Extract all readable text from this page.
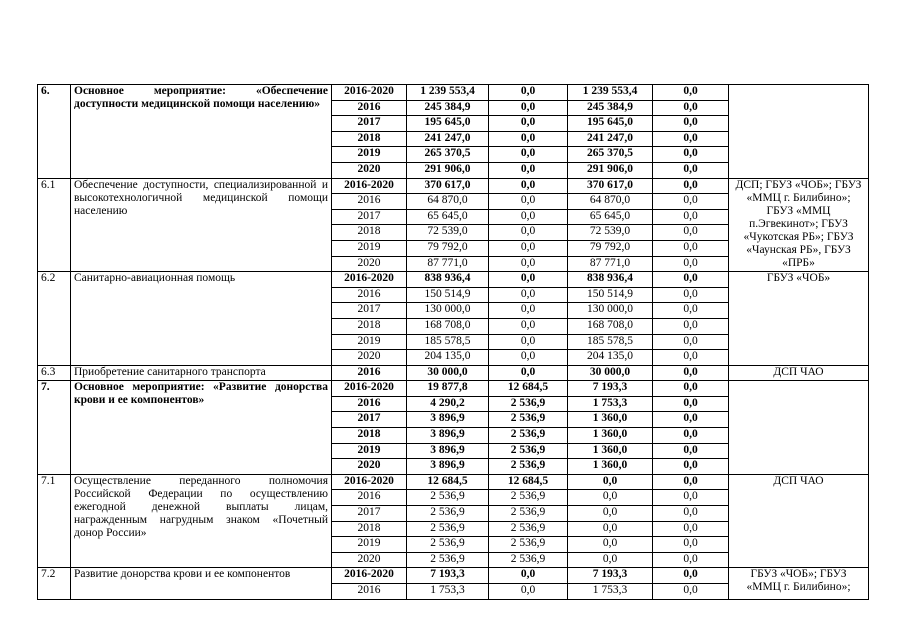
6.	Основное мероприятие: «Обеспечение доступности медицинской помощи населению»	2016-2020	1 239 553,4	0,0	1 239 553,4	0,0	
		2016	245 384,9	0,0	245 384,9	0,0	
		2017	195 645,0	0,0	195 645,0	0,0	
		2018	241 247,0	0,0	241 247,0	0,0	
		2019	265 370,5	0,0	265 370,5	0,0	
		2020	291 906,0	0,0	291 906,0	0,0	
6.1	Обеспечение доступности, специализированной и высокотехнологичной медицинской помощи населению	2016-2020	370 617,0	0,0	370 617,0	0,0	ДСП; ГБУЗ «ЧОБ»; ГБУЗ «ММЦ г. Билибино»; ГБУЗ «ММЦ п.Эгвекинот»; ГБУЗ «Чукотская РБ»; ГБУЗ «Чаунская РБ», ГБУЗ «ПРБ»
		2016	64 870,0	0,0	64 870,0	0,0	
		2017	65 645,0	0,0	65 645,0	0,0	
		2018	72 539,0	0,0	72 539,0	0,0	
		2019	79 792,0	0,0	79 792,0	0,0	
		2020	87 771,0	0,0	87 771,0	0,0	
6.2	Санитарно-авиационная помощь	2016-2020	838 936,4	0,0	838 936,4	0,0	ГБУЗ «ЧОБ»
		2016	150 514,9	0,0	150 514,9	0,0	
		2017	130 000,0	0,0	130 000,0	0,0	
		2018	168 708,0	0,0	168 708,0	0,0	
		2019	185 578,5	0,0	185 578,5	0,0	
		2020	204 135,0	0,0	204 135,0	0,0	
6.3	Приобретение санитарного транспорта	2016	30 000,0	0,0	30 000,0	0,0	ДСП ЧАО
7.	Основное мероприятие: «Развитие донорства крови и ее компонентов»	2016-2020	19 877,8	12 684,5	7 193,3	0,0	
		2016	4 290,2	2 536,9	1 753,3	0,0	
		2017	3 896,9	2 536,9	1 360,0	0,0	
		2018	3 896,9	2 536,9	1 360,0	0,0	
		2019	3 896,9	2 536,9	1 360,0	0,0	
		2020	3 896,9	2 536,9	1 360,0	0,0	
7.1	Осуществление переданного полномочия Российской Федерации по осуществлению ежегодной денежной выплаты лицам, награжденным нагрудным знаком «Почетный донор России»	2016-2020	12 684,5	12 684,5	0,0	0,0	ДСП ЧАО
		2016	2 536,9	2 536,9	0,0	0,0	
		2017	2 536,9	2 536,9	0,0	0,0	
		2018	2 536,9	2 536,9	0,0	0,0	
		2019	2 536,9	2 536,9	0,0	0,0	
		2020	2 536,9	2 536,9	0,0	0,0	
7.2	Развитие донорства крови и ее компонентов	2016-2020	7 193,3	0,0	7 193,3	0,0	ГБУЗ «ЧОБ»; ГБУЗ «ММЦ г. Билибино»;
		2016	1 753,3	0,0	1 753,3	0,0	
